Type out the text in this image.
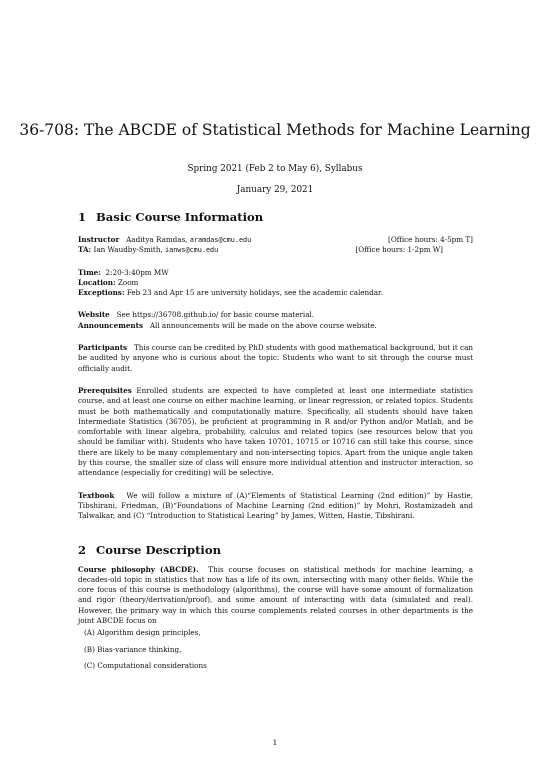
36-708: The ABCDE of Statistical Methods for Machine Learning
Spring 2021 (Feb 2 to May 6), Syllabus
January 29, 2021
1 Basic Course Information
Instructor Aaditya Ramdas, aramdas@cmu.edu	[Office hours: 4-5pm T]
TA: Ian Waudby-Smith, ianws@cmu.edu	[Office hours: 1-2pm W]
Time: 2:20-3:40pm MW
Location: Zoom
Exceptions: Feb 23 and Apr 15 are university holidays, see the academic calendar.
Website See https://36708.github.io/ for basic course material.
Announcements All announcements will be made on the above course website.

Participants This course can be credited by PhD students with good mathematical background, but it can be audited by anyone who is curious about the topic. Students who want to sit through the course must officially audit.

Prerequisites Enrolled students are expected to have completed at least one intermediate statistics course, and at least one course on either machine learning, or linear regression, or related topics. Students must be both mathematically and computationally mature. Specifically, all students should have taken Intermediate Statistics (36705), be proficient at programming in R and/or Python and/or Matlab, and be comfortable with linear algebra, probability, calculus and related topics (see resources below that you should be familiar with). Students who have taken 10701, 10715 or 10716 can still take this course, since there are likely to be many complementary and non-intersecting topics. Apart from the unique angle taken by this course, the smaller size of class will ensure more individual attention and instructor interaction, so attendance (especially for crediting) will be selective.

Textbook We will follow a mixture of (A)“Elements of Statistical Learning (2nd edition)” by Hastie, Tibshirani, Friedman, (B)“Foundations of Machine Learning (2nd edition)” by Mohri, Rostamizadeh and Talwalkar, and (C) “Introduction to Statistical Learing” by James, Witten, Hastie, Tibshirani.

2 Course Description

Course philosophy (ABCDE). This course focuses on statistical methods for machine learning, a decades-old topic in statistics that now has a life of its own, intersecting with many other fields. While the core focus of this course is methodology (algorithms), the course will have some amount of formalization and rigor (theory/derivation/proof), and some amount of interacting with data (simulated and real). However, the primary way in which this course complements related courses in other departments is the joint ABCDE focus on

(A) Algorithm design principles,
(B) Bias-variance thinking,
(C) Computational considerations
1
